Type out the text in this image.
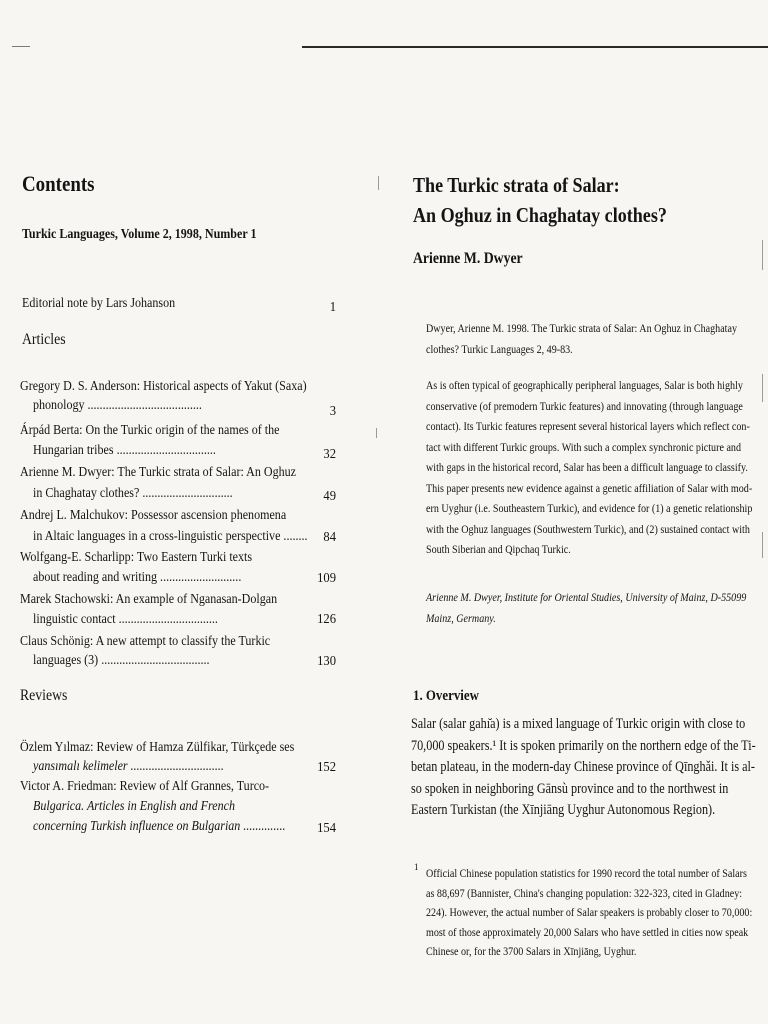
Contents
Turkic Languages, Volume 2, 1998, Number 1
Editorial note by Lars Johanson	1
Articles
Gregory D. S. Anderson: Historical aspects of Yakut (Saxa)
phonology ......................................	3
Árpád Berta: On the Turkic origin of the names of the
Hungarian tribes .................................	32
Arienne M. Dwyer: The Turkic strata of Salar: An Oghuz
in Chaghatay clothes? ..............................	49
Andrej L. Malchukov: Possessor ascension phenomena
in Altaic languages in a cross-linguistic perspective ........	84
Wolfgang-E. Scharlipp: Two Eastern Turki texts
about reading and writing ...........................	109
Marek Stachowski: An example of Nganasan-Dolgan
linguistic contact .................................	126
Claus Schönig: A new attempt to classify the Turkic
languages (3) ....................................	130
Reviews
Özlem Yılmaz: Review of Hamza Zülfikar, Türkçede ses
yansımalı kelimeler ...............................	152
Victor A. Friedman: Review of Alf Grannes, Turco-
Bulgarica. Articles in English and French
concerning Turkish influence on Bulgarian ..............	154
The Turkic strata of Salar:
An Oghuz in Chaghatay clothes?
Arienne M. Dwyer
Dwyer, Arienne M. 1998. The Turkic strata of Salar: An Oghuz in Chaghatay
clothes? Turkic Languages 2, 49-83.
As is often typical of geographically peripheral languages, Salar is both highly
conservative (of premodern Turkic features) and innovating (through language
contact). Its Turkic features represent several historical layers which reflect con-
tact with different Turkic groups. With such a complex synchronic picture and
with gaps in the historical record, Salar has been a difficult language to classify.
This paper presents new evidence against a genetic affiliation of Salar with mod-
ern Uyghur (i.e. Southeastern Turkic), and evidence for (1) a genetic relationship
with the Oghuz languages (Southwestern Turkic), and (2) sustained contact with
South Siberian and Qipchaq Turkic.
Arienne M. Dwyer, Institute for Oriental Studies, University of Mainz, D-55099
Mainz, Germany.
1. Overview
Salar (salar gahı̆a) is a mixed language of Turkic origin with close to
70,000 speakers.¹ It is spoken primarily on the northern edge of the Ti-
betan plateau, in the modern-day Chinese province of Qīnghǎi. It is al-
so spoken in neighboring Gānsù province and to the northwest in
Eastern Turkistan (the Xīnjiāng Uyghur Autonomous Region).
1 Official Chinese population statistics for 1990 record the total number of Salars
as 88,697 (Bannister, China's changing population: 322-323, cited in Gladney:
224). However, the actual number of Salar speakers is probably closer to 70,000:
most of those approximately 20,000 Salars who have settled in cities now speak
Chinese or, for the 3700 Salars in Xīnjiāng, Uyghur.
